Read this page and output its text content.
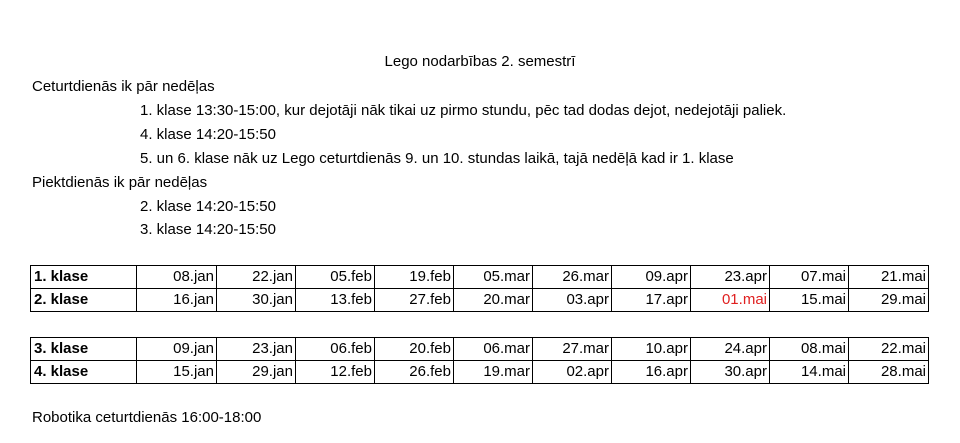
Lego nodarbības 2. semestrī
Ceturtdienās ik pār nedēļas
1. klase 13:30-15:00, kur dejotāji nāk tikai uz pirmo stundu, pēc tad dodas dejot, nedejotāji paliek.
4. klase 14:20-15:50
5. un 6. klase nāk uz Lego ceturtdienās 9. un 10. stundas laikā, tajā nedēļā kad ir 1. klase
Piektdienās ik pār nedēļas
2. klase 14:20-15:50
3. klase 14:20-15:50
1. klase	08.jan	22.jan	05.feb	19.feb	05.mar	26.mar	09.apr	23.apr	07.mai	21.mai
2. klase	16.jan	30.jan	13.feb	27.feb	20.mar	03.apr	17.apr	01.mai	15.mai	29.mai
3. klase	09.jan	23.jan	06.feb	20.feb	06.mar	27.mar	10.apr	24.apr	08.mai	22.mai
4. klase	15.jan	29.jan	12.feb	26.feb	19.mar	02.apr	16.apr	30.apr	14.mai	28.mai
Robotika ceturtdienās 16:00-18:00
